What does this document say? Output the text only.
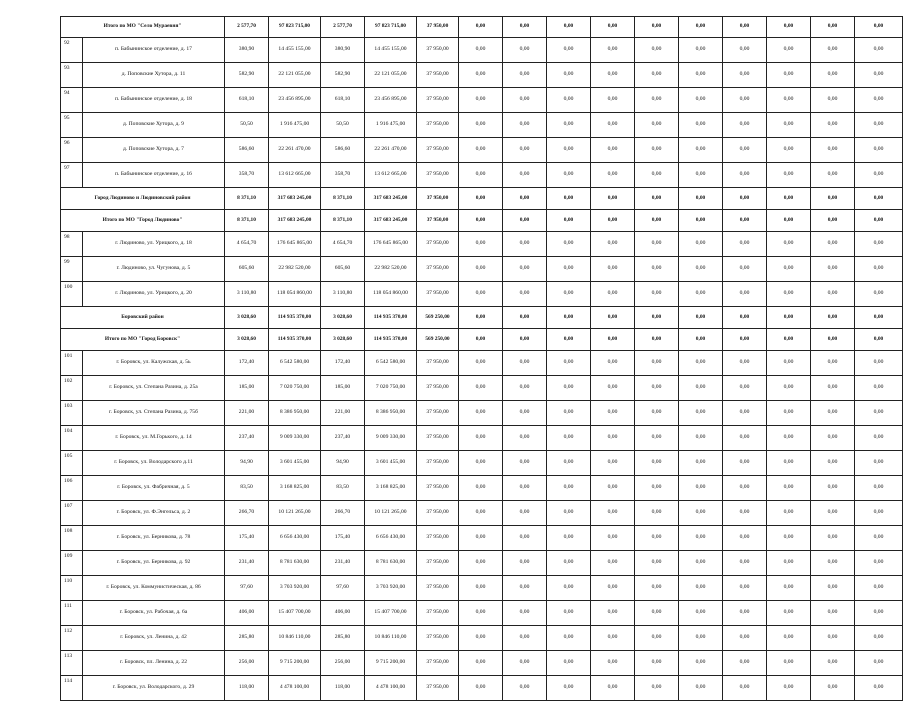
Итого по МО "Село Мураевня"		2 577,70	97 823 715,00	2 577,70	97 823 715,00	37 950,00	0,00	0,00	0,00	0,00	0,00	0,00	0,00	0,00	0,00	0,00
92	п. Бабынинское отделение, д. 17	380,90	14 455 155,00	380,90	14 455 155,00	37 950,00	0,00	0,00	0,00	0,00	0,00	0,00	0,00	0,00	0,00	0,00
93	д. Поповские Хутора, д. 11	582,90	22 121 055,00	582,90	22 121 055,00	37 950,00	0,00	0,00	0,00	0,00	0,00	0,00	0,00	0,00	0,00	0,00
94	п. Бабынинское отделение, д. 18	618,10	23 456 895,00	618,10	23 456 895,00	37 950,00	0,00	0,00	0,00	0,00	0,00	0,00	0,00	0,00	0,00	0,00
95	д. Поповские Хутора, д. 9	50,50	1 916 475,00	50,50	1 916 475,00	37 950,00	0,00	0,00	0,00	0,00	0,00	0,00	0,00	0,00	0,00	0,00
96	д. Поповские Хутора, д. 7	586,60	22 261 470,00	586,60	22 261 470,00	37 950,00	0,00	0,00	0,00	0,00	0,00	0,00	0,00	0,00	0,00	0,00
97	п. Бабынинское отделение, д. 16	358,70	13 612 665,00	358,70	13 612 665,00	37 950,00	0,00	0,00	0,00	0,00	0,00	0,00	0,00	0,00	0,00	0,00
Город Людиново и Людиновский район		8 371,10	317 683 245,00	8 371,10	317 683 245,00	37 950,00	0,00	0,00	0,00	0,00	0,00	0,00	0,00	0,00	0,00	0,00
Итого по МО "Город Людиново"		8 371,10	317 683 245,00	8 371,10	317 683 245,00	37 950,00	0,00	0,00	0,00	0,00	0,00	0,00	0,00	0,00	0,00	0,00
98	г. Людиново, ул. Урицкого, д. 18	4 654,70	176 645 865,00	4 654,70	176 645 865,00	37 950,00	0,00	0,00	0,00	0,00	0,00	0,00	0,00	0,00	0,00	0,00
99	г. Людиново, ул. Чугунова, д. 5	605,60	22 982 520,00	605,60	22 982 520,00	37 950,00	0,00	0,00	0,00	0,00	0,00	0,00	0,00	0,00	0,00	0,00
100	г. Людиново, ул. Урицкого, д. 20	3 110,80	118 054 860,00	3 110,80	118 054 860,00	37 950,00	0,00	0,00	0,00	0,00	0,00	0,00	0,00	0,00	0,00	0,00
Боровский район		3 028,60	114 935 370,00	3 028,60	114 935 370,00	569 250,00	0,00	0,00	0,00	0,00	0,00	0,00	0,00	0,00	0,00	0,00
Итого по МО "Город Боровск"		3 028,60	114 935 370,00	3 028,60	114 935 370,00	569 250,00	0,00	0,00	0,00	0,00	0,00	0,00	0,00	0,00	0,00	0,00
101	г. Боровск, ул. Калужская, д. 5ь	172,40	6 542 580,00	172,40	6 542 580,00	37 950,00	0,00	0,00	0,00	0,00	0,00	0,00	0,00	0,00	0,00	0,00
102	г. Боровск, ул. Степана Разина, д. 25а	185,00	7 020 750,00	185,00	7 020 750,00	37 950,00	0,00	0,00	0,00	0,00	0,00	0,00	0,00	0,00	0,00	0,00
103	г. Боровск, ул. Степана Разина, д. 75б	221,00	8 386 950,00	221,00	8 386 950,00	37 950,00	0,00	0,00	0,00	0,00	0,00	0,00	0,00	0,00	0,00	0,00
104	г. Боровск, ул. М.Горького, д. 14	237,40	9 009 330,00	237,40	9 009 330,00	37 950,00	0,00	0,00	0,00	0,00	0,00	0,00	0,00	0,00	0,00	0,00
105	г. Боровск, ул. Володарского д.11	94,90	3 601 455,00	94,90	3 601 455,00	37 950,00	0,00	0,00	0,00	0,00	0,00	0,00	0,00	0,00	0,00	0,00
106	г. Боровск, ул. Фабричная, д. 5	83,50	3 168 825,00	83,50	3 168 825,00	37 950,00	0,00	0,00	0,00	0,00	0,00	0,00	0,00	0,00	0,00	0,00
107	г. Боровск, ул. Ф.Энгельса, д. 2	266,70	10 121 265,00	266,70	10 121 265,00	37 950,00	0,00	0,00	0,00	0,00	0,00	0,00	0,00	0,00	0,00	0,00
108	г. Боровск, ул. Берникова, д. 78	175,40	6 656 430,00	175,40	6 656 430,00	37 950,00	0,00	0,00	0,00	0,00	0,00	0,00	0,00	0,00	0,00	0,00
109	г. Боровск, ул. Берникова, д. 92	231,40	8 781 630,00	231,40	8 781 630,00	37 950,00	0,00	0,00	0,00	0,00	0,00	0,00	0,00	0,00	0,00	0,00
110	г. Боровск, ул. Коммунистическая, д. 86	97,60	3 703 920,00	97,60	3 703 920,00	37 950,00	0,00	0,00	0,00	0,00	0,00	0,00	0,00	0,00	0,00	0,00
111	г. Боровск, ул. Рабочая, д. 6а	406,00	15 407 700,00	406,00	15 407 700,00	37 950,00	0,00	0,00	0,00	0,00	0,00	0,00	0,00	0,00	0,00	0,00
112	г. Боровск, ул. Ленина, д. 42	285,80	10 846 110,00	285,80	10 846 110,00	37 950,00	0,00	0,00	0,00	0,00	0,00	0,00	0,00	0,00	0,00	0,00
113	г. Боровск, пл. Ленина, д. 22	256,00	9 715 200,00	256,00	9 715 200,00	37 950,00	0,00	0,00	0,00	0,00	0,00	0,00	0,00	0,00	0,00	0,00
114	г. Боровск, ул. Володарского, д. 29	118,00	4 478 100,00	118,00	4 478 100,00	37 950,00	0,00	0,00	0,00	0,00	0,00	0,00	0,00	0,00	0,00	0,00
